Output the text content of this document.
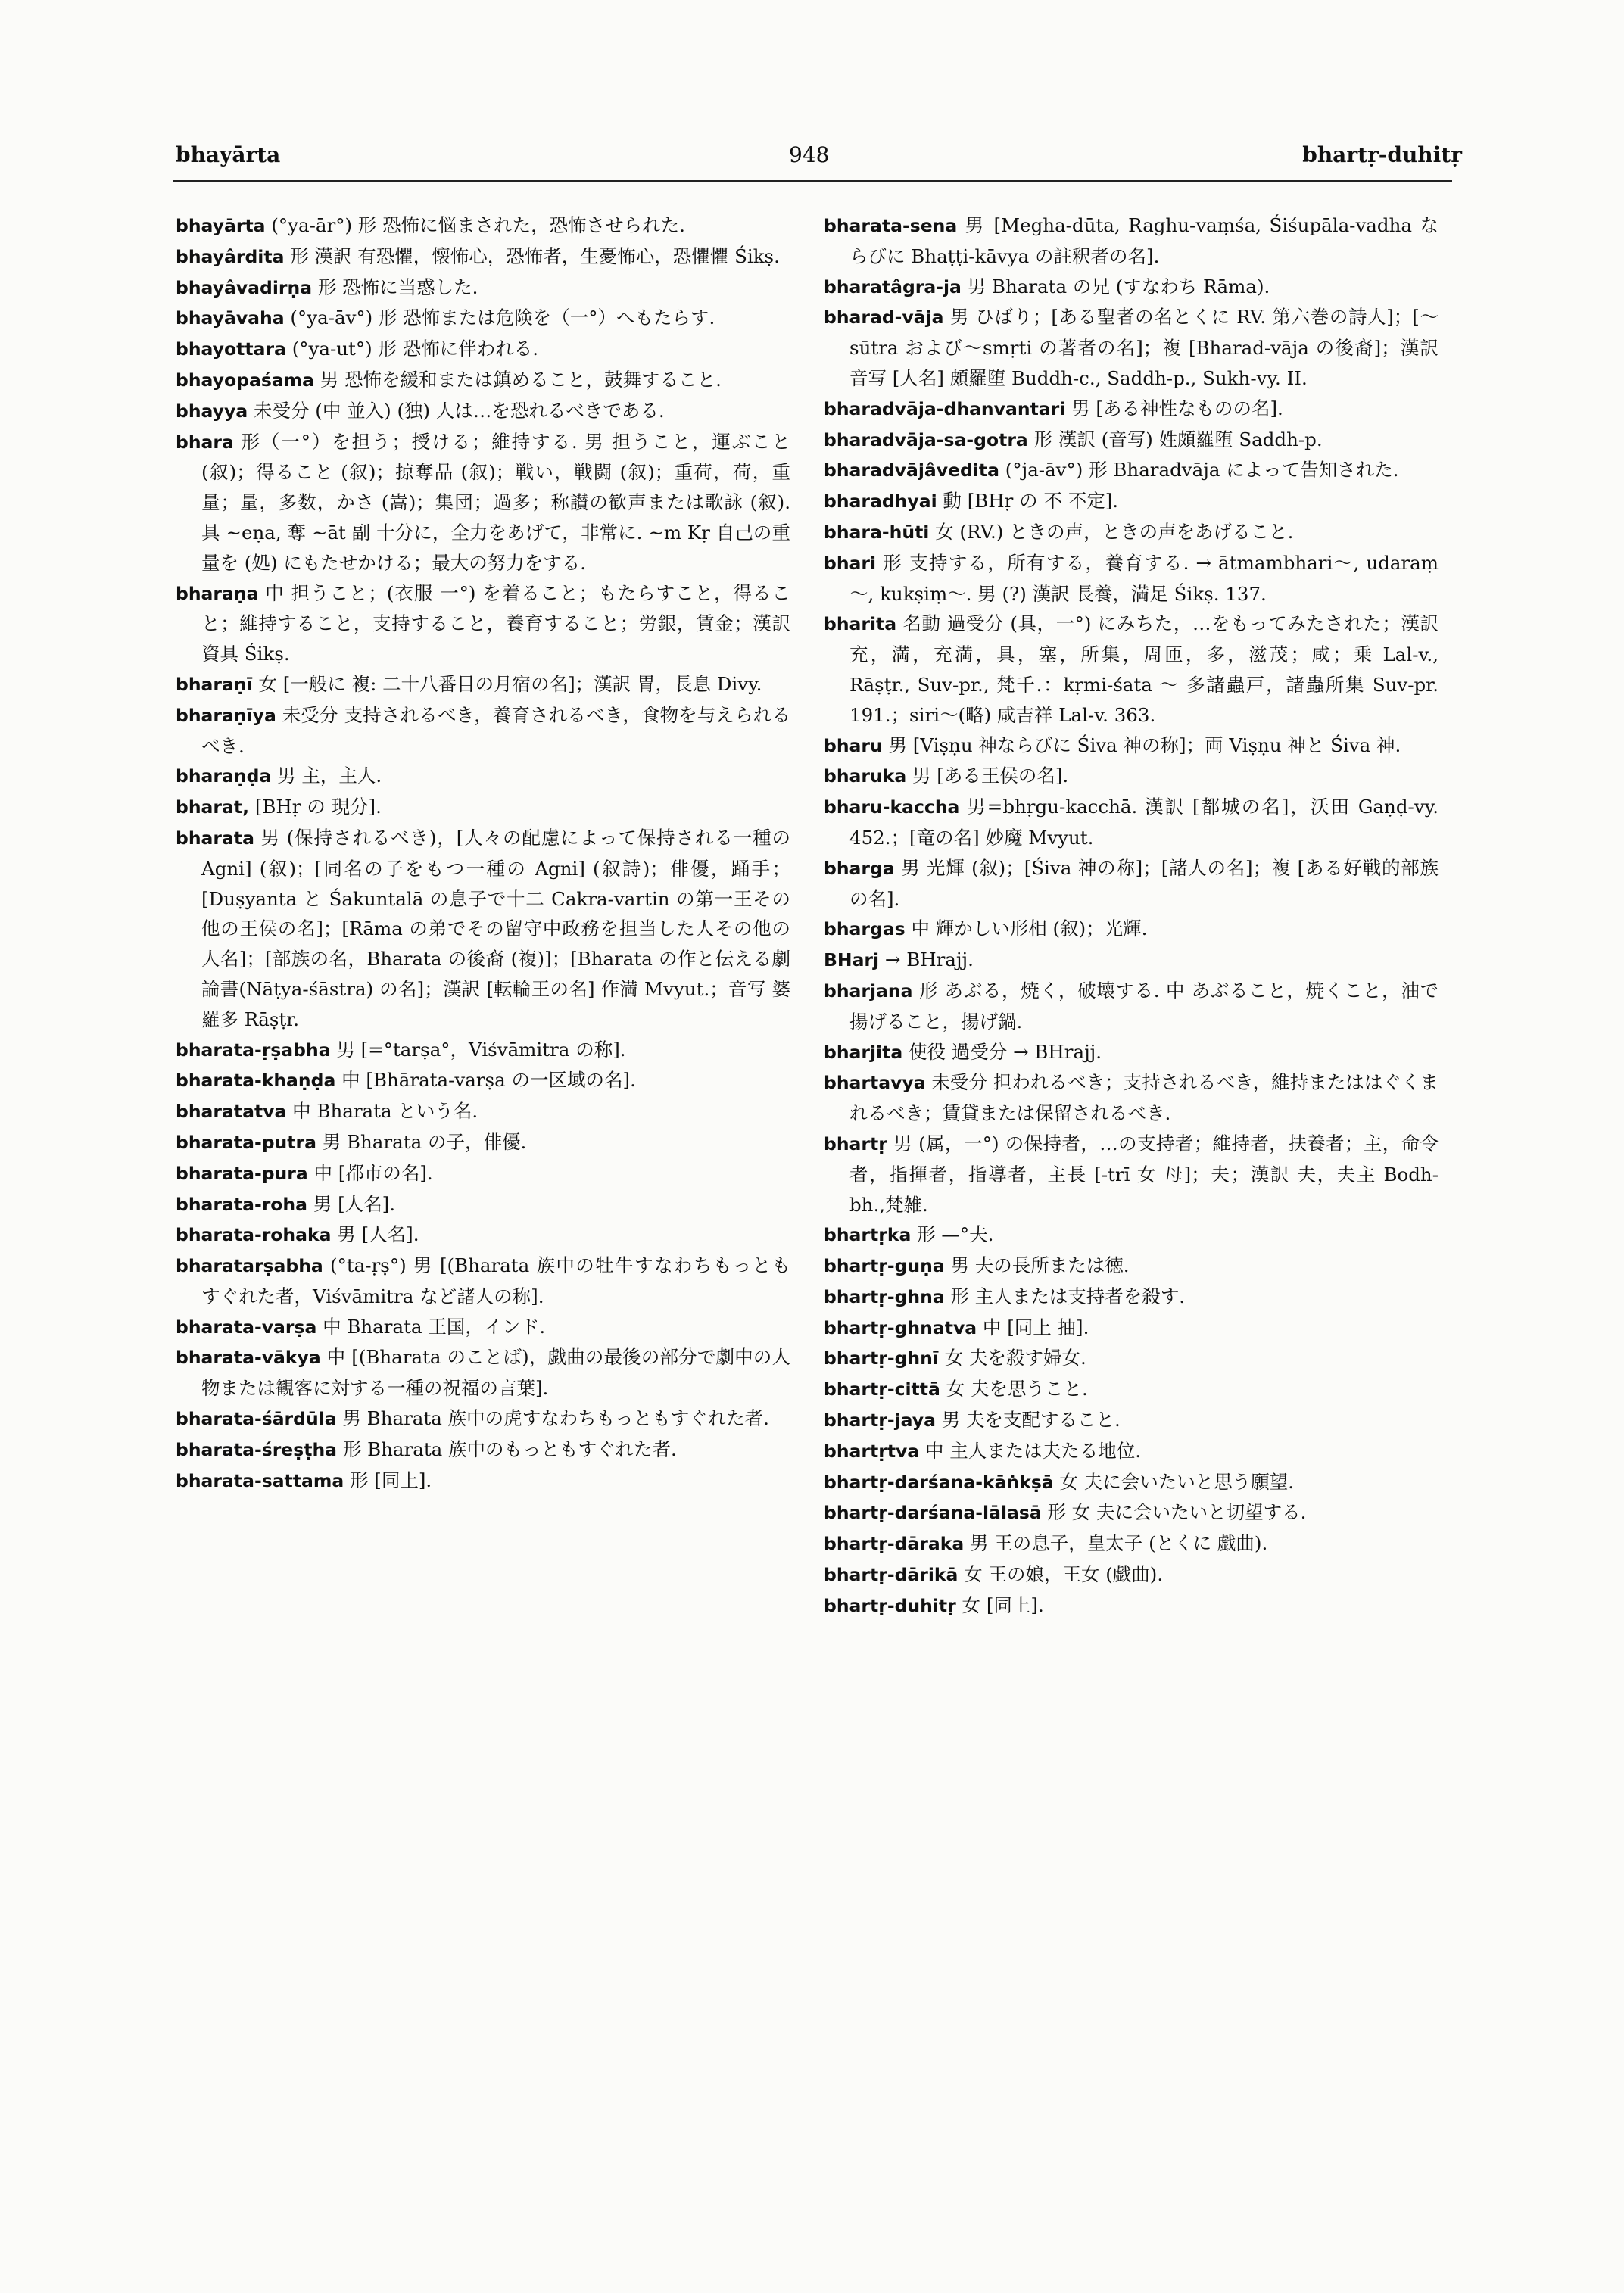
bhayārta	948	bhartṛ-duhitṛ

bhayārta (°ya-ār°) 形 恐怖に悩まされた，恐怖させられた.

bhayârdita 形 漢訳 有恐懼，懐怖心，恐怖者，生憂怖心，恐懼懼 Śikṣ.

bhayâvadirṇa 形 恐怖に当惑した.

bhayāvaha (°ya-āv°) 形 恐怖または危険を（一°）へもたらす.

bhayottara (°ya-ut°) 形 恐怖に伴われる.

bhayopaśama 男 恐怖を緩和または鎮めること，鼓舞すること.

bhayya 未受分 (中 並入) (独) 人は…を恐れるべきである.

bhara 形（一°）を担う；授ける；維持する. 男 担うこと，運ぶこと (叙)；得ること (叙)；掠奪品 (叙)；戦い，戦闘 (叙)；重荷，荷，重量；量，多数，かさ (嵩)；集団；過多；称讃の歓声または歌詠 (叙). 具 ~eṇa, 奪 ~āt 副 十分に，全力をあげて，非常に. ~m Kṛ 自己の重量を (処) にもたせかける；最大の努力をする.

bharaṇa 中 担うこと；(衣服 一°) を着ること；もたらすこと，得ること；維持すること，支持すること，養育すること；労銀，賃金；漢訳 資具 Śikṣ.

bharaṇī 女 [一般に 複: 二十八番目の月宿の名]；漢訳 胃，長息 Divy.

bharaṇīya 未受分 支持されるべき，養育されるべき，食物を与えられるべき.

bharaṇḍa 男 主，主人.

bharat, [BHṛ の 現分].

bharata 男 (保持されるべき)，[人々の配慮によって保持される一種の Agni] (叙)；[同名の子をもつ一種の Agni] (叙詩)；俳優，踊手；[Duṣyanta と Śakuntalā の息子で十二 Cakra-vartin の第一王その他の王侯の名]；[Rāma の弟でその留守中政務を担当した人その他の人名]；[部族の名，Bharata の後裔 (複)]；[Bharata の作と伝える劇論書(Nāṭya-śāstra) の名]；漢訳 [転輪王の名] 作満 Mvyut.；音写 婆羅多 Rāṣṭr.

bharata-ṛṣabha 男 [=°tarṣa°，Viśvāmitra の称].

bharata-khaṇḍa 中 [Bhārata-varṣa の一区域の名].

bharatatva 中 Bharata という名.

bharata-putra 男 Bharata の子，俳優.

bharata-pura 中 [都市の名].

bharata-roha 男 [人名].

bharata-rohaka 男 [人名].

bharatarṣabha (°ta-ṛṣ°) 男 [(Bharata 族中の牡牛すなわちもっともすぐれた者，Viśvāmitra など諸人の称].

bharata-varṣa 中 Bharata 王国，インド.

bharata-vākya 中 [(Bharata のことば)，戯曲の最後の部分で劇中の人物または観客に対する一種の祝福の言葉].

bharata-śārdūla 男 Bharata 族中の虎すなわちもっともすぐれた者.

bharata-śreṣṭha 形 Bharata 族中のもっともすぐれた者.

bharata-sattama 形 [同上].

bharata-sena 男 [Megha-dūta, Raghu-vaṃśa, Śiśupāla-vadha ならびに Bhaṭṭi-kāvya の註釈者の名].

bharatâgra-ja 男 Bharata の兄 (すなわち Rāma).

bharad-vāja 男 ひばり；[ある聖者の名とくに RV. 第六巻の詩人]；[～sūtra および～smṛti の著者の名]；複 [Bharad-vāja の後裔]；漢訳 音写 [人名] 頗羅堕 Buddh-c., Saddh-p., Sukh-vy. II.

bharadvāja-dhanvantari 男 [ある神性なものの名].

bharadvāja-sa-gotra 形 漢訳 (音写) 姓頗羅堕 Saddh-p.

bharadvājâvedita (°ja-āv°) 形 Bharadvāja によって告知された.

bharadhyai 動 [BHṛ の 不 不定].

bhara-hūti 女 (RV.) ときの声，ときの声をあげること.

bhari 形 支持する，所有する，養育する. → ātmambhari～, udaraṃ～, kukṣiṃ～. 男 (?) 漢訳 長養，満足 Śikṣ. 137.

bharita 名動 過受分 (具，一°) にみちた，…をもってみたされた；漢訳 充，満，充満，具，塞，所集，周匝，多，滋茂；咸；乗 Lal-v., Rāṣṭr., Suv-pr., 梵千.：kṛmi-śata ～ 多諸蟲戸，諸蟲所集 Suv-pr. 191.；siri～(略) 咸吉祥 Lal-v. 363.

bharu 男 [Viṣṇu 神ならびに Śiva 神の称]；両 Viṣṇu 神と Śiva 神.

bharuka 男 [ある王侯の名].

bharu-kaccha 男=bhṛgu-kacchā. 漢訳 [都城の名]，沃田 Gaṇḍ-vy. 452.；[竜の名] 妙魔 Mvyut.

bharga 男 光輝 (叙)；[Śiva 神の称]；[諸人の名]；複 [ある好戦的部族の名].

bhargas 中 輝かしい形相 (叙)；光輝.

BHarj → BHrajj.

bharjana 形 あぶる，焼く，破壊する. 中 あぶること，焼くこと，油で揚げること，揚げ鍋.

bharjita 使役 過受分 → BHrajj.

bhartavya 未受分 担われるべき；支持されるべき，維持またははぐくまれるべき；賃貸または保留されるべき.

bhartṛ 男 (属，一°) の保持者，…の支持者；維持者，扶養者；主，命令者，指揮者，指導者，主長 [-trī 女 母]；夫；漢訳 夫，夫主 Bodh-bh.,梵雑.

bhartṛka 形 —°夫.

bhartṛ-guṇa 男 夫の長所または徳.

bhartṛ-ghna 形 主人または支持者を殺す.

bhartṛ-ghnatva 中 [同上 抽].

bhartṛ-ghnī 女 夫を殺す婦女.

bhartṛ-cittā 女 夫を思うこと.

bhartṛ-jaya 男 夫を支配すること.

bhartṛtva 中 主人または夫たる地位.

bhartṛ-darśana-kāṅkṣā 女 夫に会いたいと思う願望.

bhartṛ-darśana-lālasā 形 女 夫に会いたいと切望する.

bhartṛ-dāraka 男 王の息子，皇太子 (とくに 戯曲).

bhartṛ-dārikā 女 王の娘，王女 (戯曲).

bhartṛ-duhitṛ 女 [同上].
